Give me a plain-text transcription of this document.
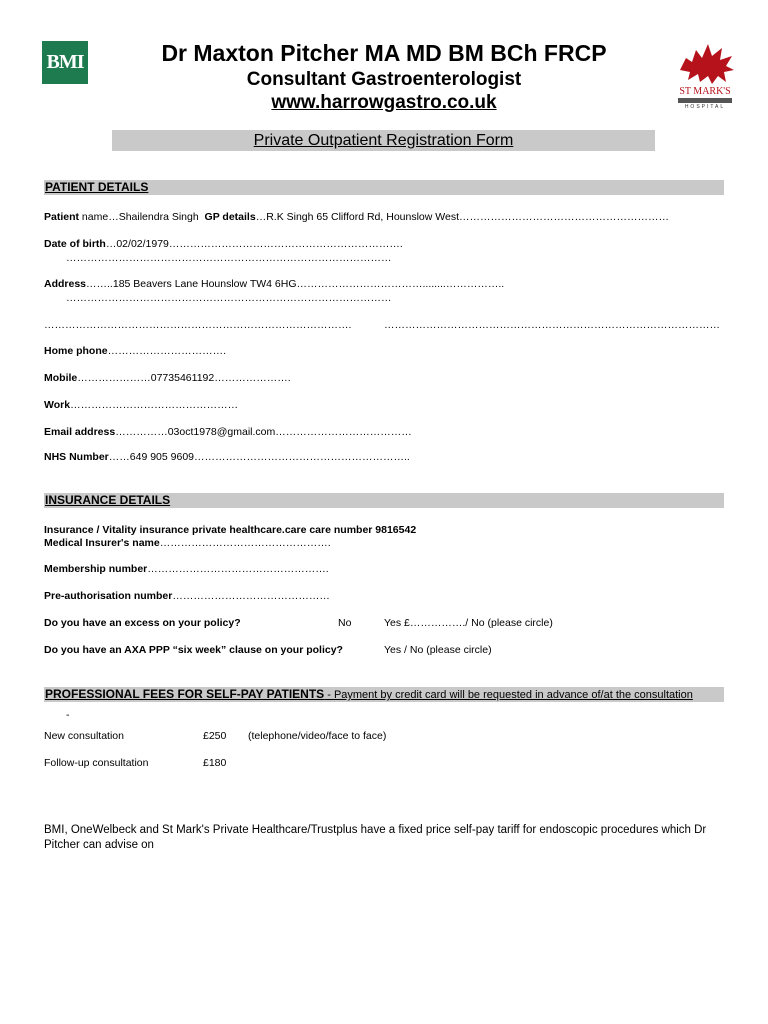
BMI	Dr Maxton Pitcher MA MD BM BCh FRCP
Consultant Gastroenterologist
www.harrowgastro.co.uk
ST MARK'S
HOSPITAL
Private Outpatient Registration Form
PATIENT DETAILS
Patient name…Shailendra Singh GP details…R.K Singh 65 Clifford Rd, Hounslow West……………………………………………………
Date of birth…02/02/1979………………………………………………………….
…………………………………………………………………………………
Address……..185 Beavers Lane Hounslow TW4 6HG………………………………........……………..
…………………………………………………………………………………
…………………………………………………………………………….	……………………………………………………………………………………
Home phone…………………………….
Mobile…………………07735461192………………….
Work…………………………………………
Email address……………03oct1978@gmail.com…………………………………
NHS Number……649 905 9609……………………………………………………..
INSURANCE DETAILS
Insurance / Vitality insurance private healthcare.care care number 9816542
Medical Insurer's name………………………………………….
Membership number…………………………………………….
Pre-authorisation number………………………………………
Do you have an excess on your policy?	No	Yes £……………./ No (please circle)
Do you have an AXA PPP “six week” clause on your policy?	Yes / No (please circle)
PROFESSIONAL FEES FOR SELF-PAY PATIENTS - Payment by credit card will be requested in advance of/at the consultation
-
New consultation	£250 (telephone/video/face to face)
Follow-up consultation	£180
BMI, OneWelbeck and St Mark's Private Healthcare/Trustplus have a fixed price self-pay tariff for endoscopic procedures which Dr Pitcher can advise on
